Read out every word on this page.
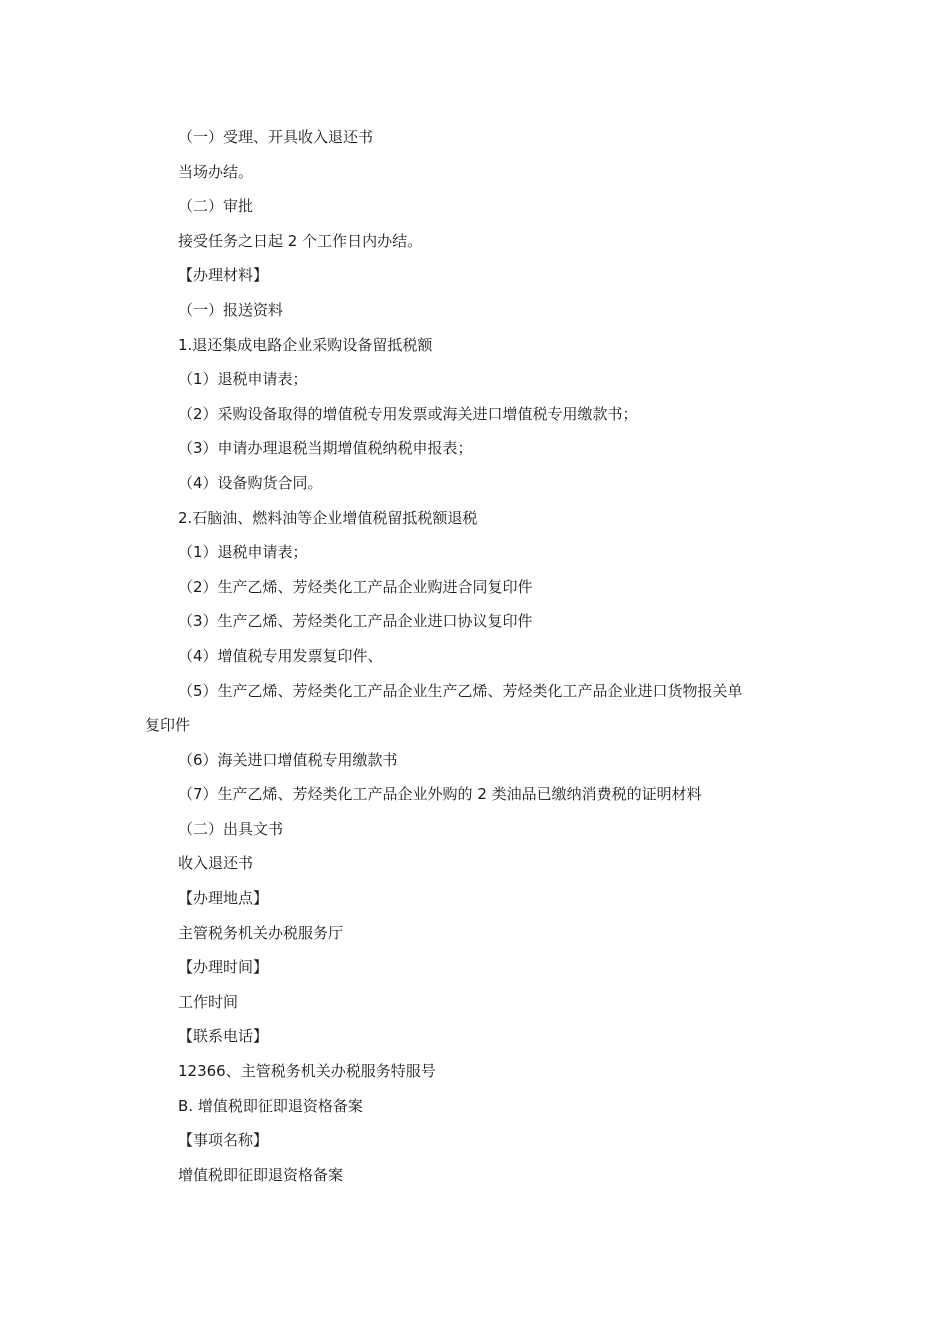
（一）受理、开具收入退还书
当场办结。
（二）审批
接受任务之日起 2 个工作日内办结。
【办理材料】
（一）报送资料
1.退还集成电路企业采购设备留抵税额
（1）退税申请表；
（2）采购设备取得的增值税专用发票或海关进口增值税专用缴款书；
（3）申请办理退税当期增值税纳税申报表；
（4）设备购货合同。
2.石脑油、燃料油等企业增值税留抵税额退税
（1）退税申请表；
（2）生产乙烯、芳烃类化工产品企业购进合同复印件
（3）生产乙烯、芳烃类化工产品企业进口协议复印件
（4）增值税专用发票复印件、
（5）生产乙烯、芳烃类化工产品企业生产乙烯、芳烃类化工产品企业进口货物报关单
复印件
（6）海关进口增值税专用缴款书
（7）生产乙烯、芳烃类化工产品企业外购的 2 类油品已缴纳消费税的证明材料
（二）出具文书
收入退还书
【办理地点】
主管税务机关办税服务厅
【办理时间】
工作时间
【联系电话】
12366、主管税务机关办税服务特服号
B. 增值税即征即退资格备案
【事项名称】
增值税即征即退资格备案
